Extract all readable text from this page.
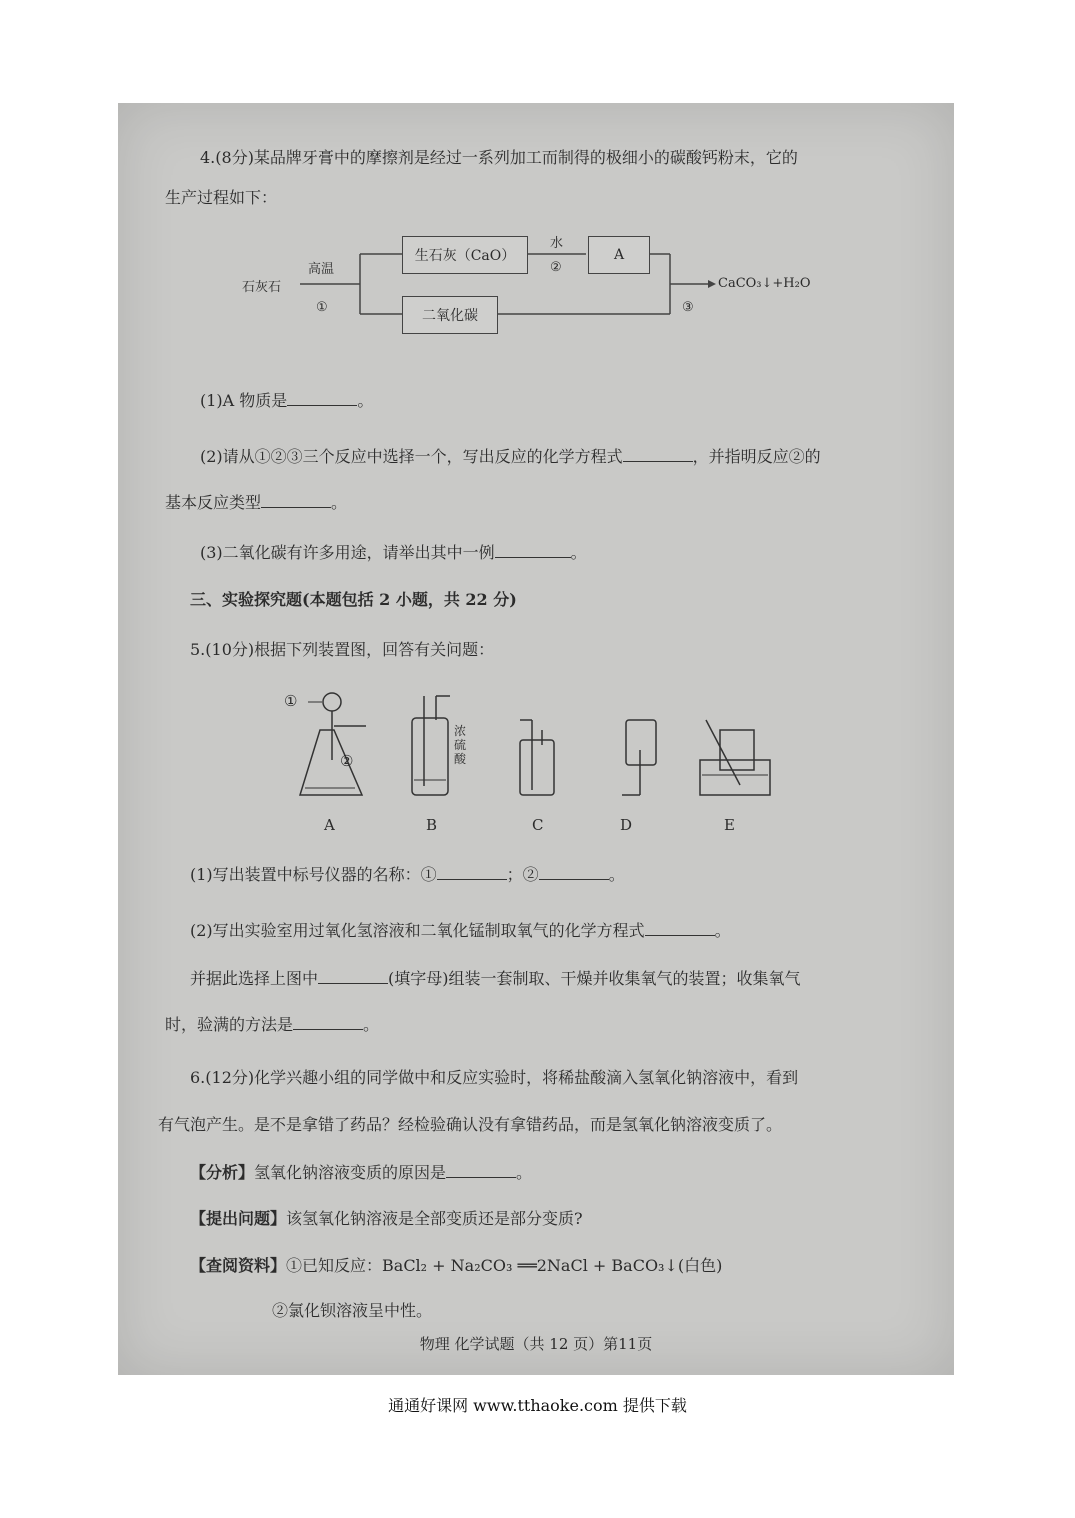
4.(8分)某品牌牙膏中的摩擦剂是经过一系列加工而制得的极细小的碳酸钙粉末，它的
生产过程如下：
石灰石
高温
①
生石灰（CaO）
水
②
A
二氧化碳
③
CaCO₃↓+H₂O
(1)A 物质是	。
(2)请从①②③三个反应中选择一个，写出反应的化学方程式	，并指明反应②的
基本反应类型	。
(3)二氧化碳有许多用途，请举出其中一例	。
三、实验探究题(本题包括 2 小题，共 22 分)
5.(10分)根据下列装置图，回答有关问题：
①
②
浓硫酸
A	B	C	D	E
(1)写出装置中标号仪器的名称：①	；②	。
(2)写出实验室用过氧化氢溶液和二氧化锰制取氧气的化学方程式	。
并据此选择上图中	(填字母)组装一套制取、干燥并收集氧气的装置；收集氧气
时，验满的方法是	。
6.(12分)化学兴趣小组的同学做中和反应实验时，将稀盐酸滴入氢氧化钠溶液中，看到
有气泡产生。是不是拿错了药品？经检验确认没有拿错药品，而是氢氧化钠溶液变质了。
【分析】氢氧化钠溶液变质的原因是	。
【提出问题】该氢氧化钠溶液是全部变质还是部分变质?
【查阅资料】①已知反应：BaCl₂ + Na₂CO₃ ══2NaCl + BaCO₃↓(白色)
②氯化钡溶液呈中性。
物理 化学试题（共 12 页）第11页
通通好课网 www.tthaoke.com 提供下载
